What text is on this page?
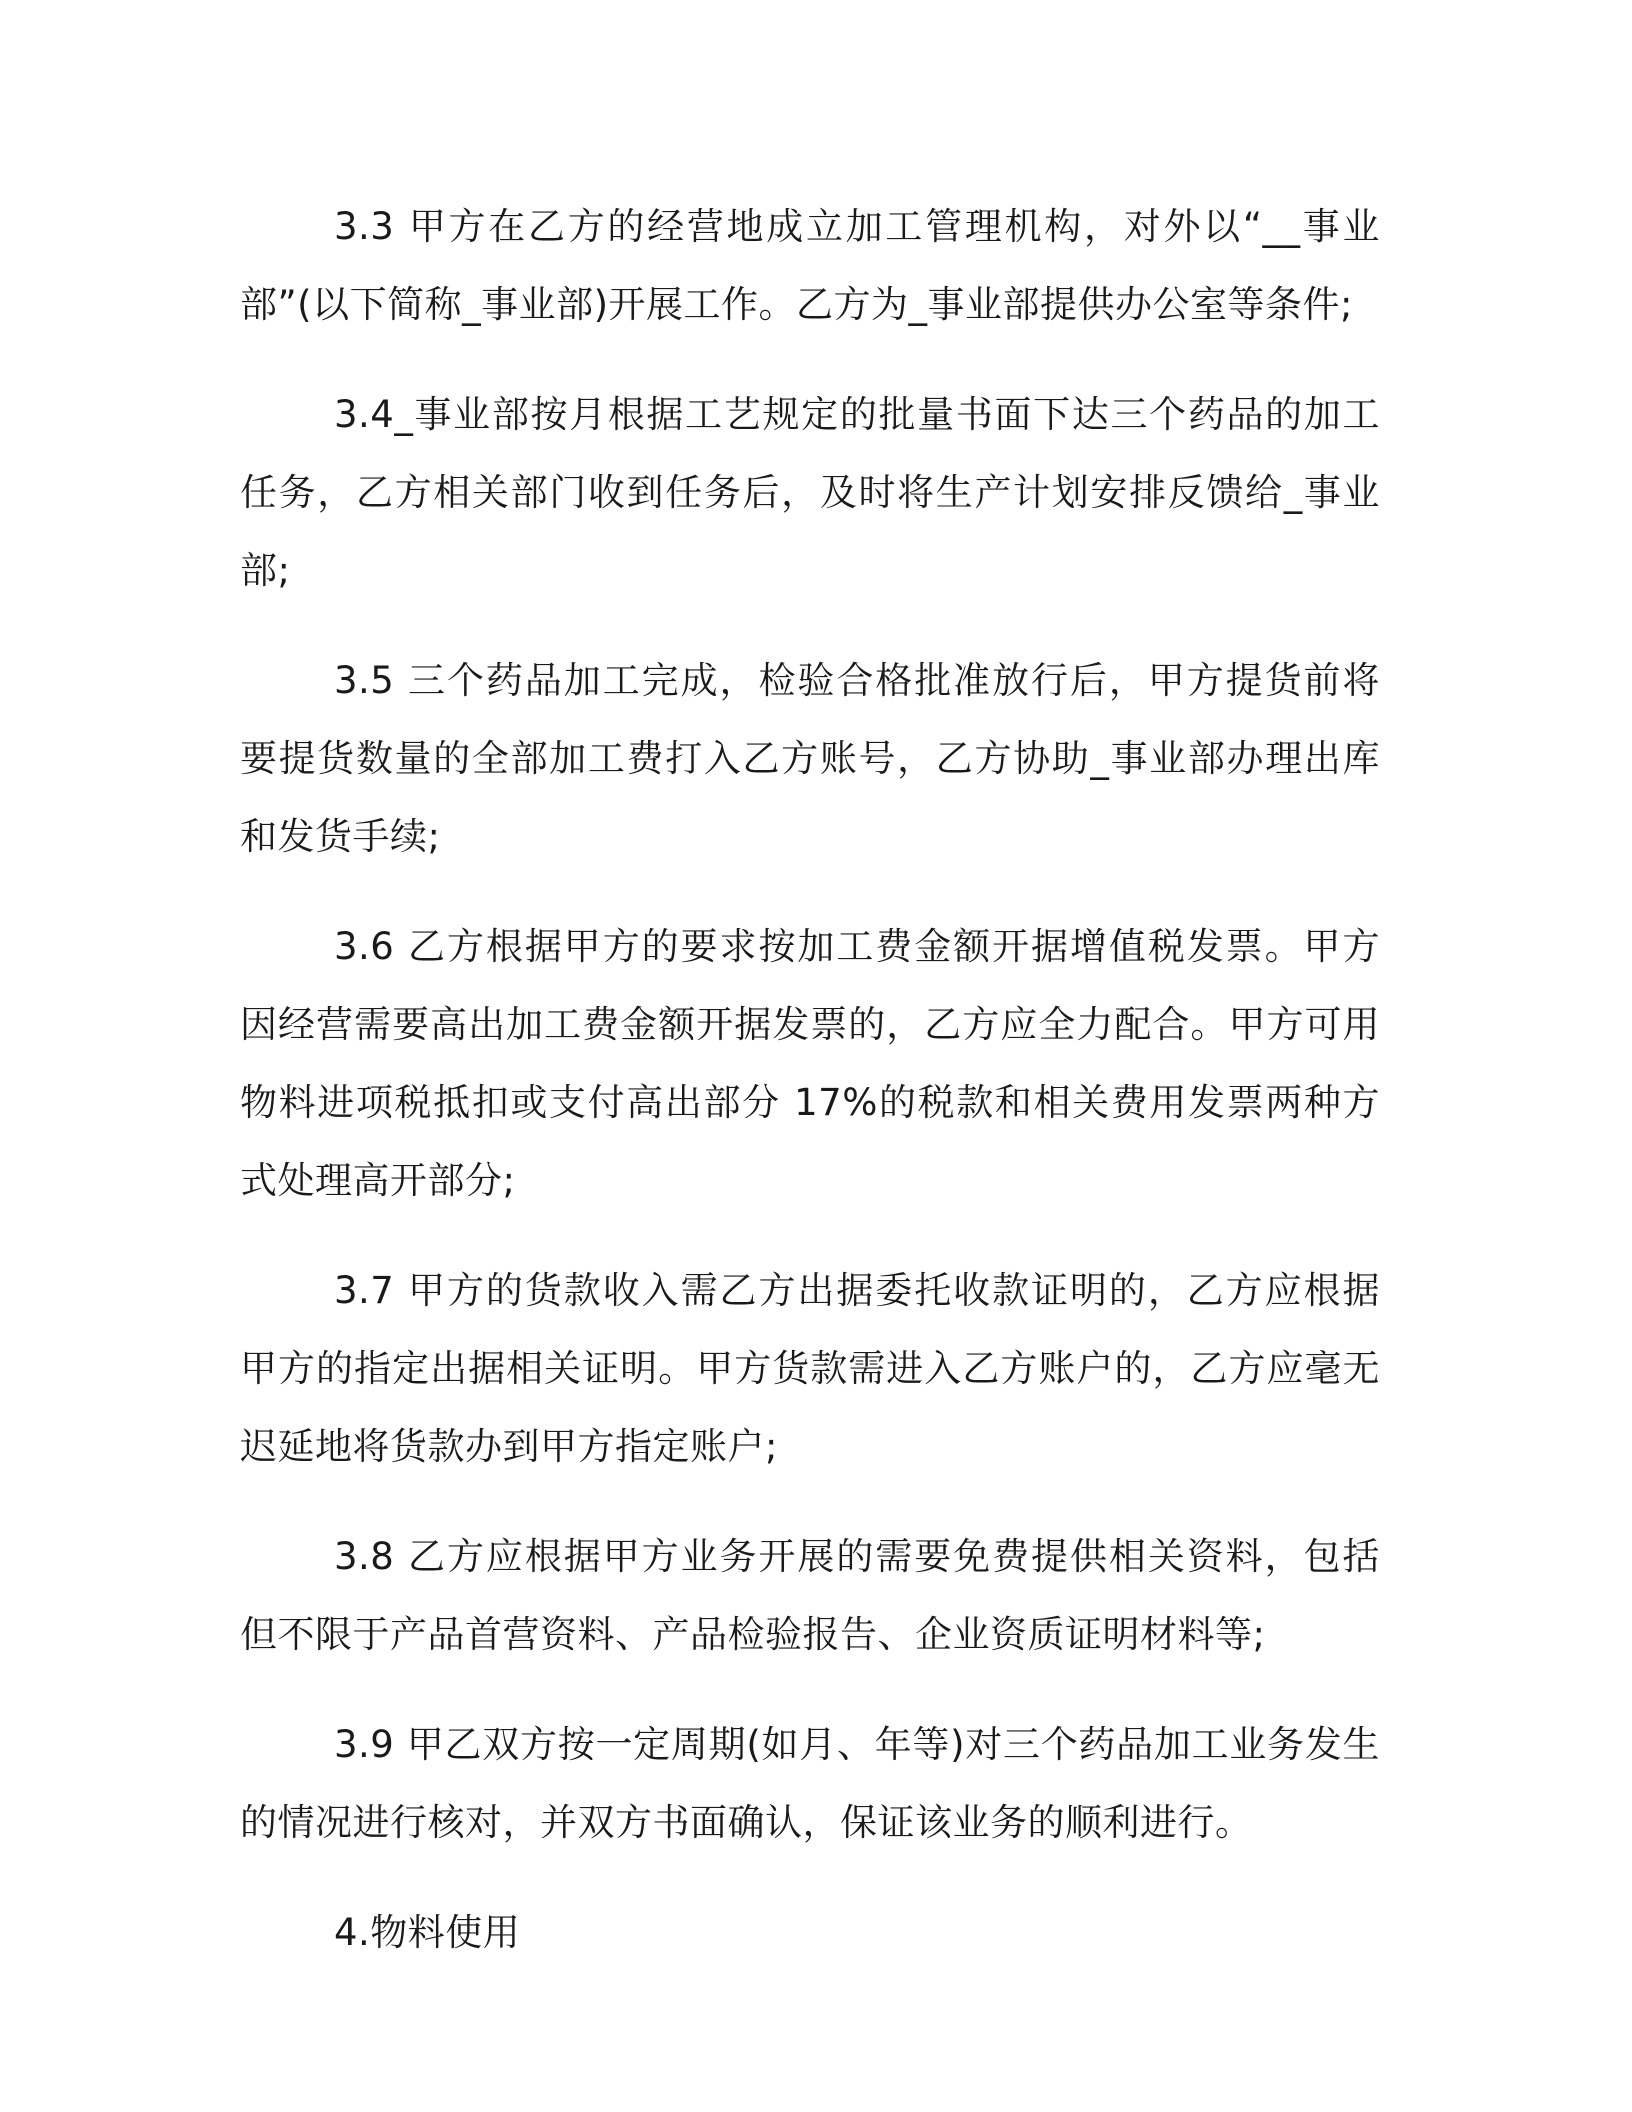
3.3 甲方在乙方的经营地成立加工管理机构，对外以“__事业部”(以下简称_事业部)开展工作。乙方为_事业部提供办公室等条件;

3.4_事业部按月根据工艺规定的批量书面下达三个药品的加工任务，乙方相关部门收到任务后，及时将生产计划安排反馈给_事业部;

3.5 三个药品加工完成，检验合格批准放行后，甲方提货前将要提货数量的全部加工费打入乙方账号，乙方协助_事业部办理出库和发货手续;

3.6 乙方根据甲方的要求按加工费金额开据增值税发票。甲方因经营需要高出加工费金额开据发票的，乙方应全力配合。甲方可用物料进项税抵扣或支付高出部分 17%的税款和相关费用发票两种方式处理高开部分;

3.7 甲方的货款收入需乙方出据委托收款证明的，乙方应根据甲方的指定出据相关证明。甲方货款需进入乙方账户的，乙方应毫无迟延地将货款办到甲方指定账户;

3.8 乙方应根据甲方业务开展的需要免费提供相关资料，包括但不限于产品首营资料、产品检验报告、企业资质证明材料等;

3.9 甲乙双方按一定周期(如月、年等)对三个药品加工业务发生的情况进行核对，并双方书面确认，保证该业务的顺利进行。

4.物料使用
